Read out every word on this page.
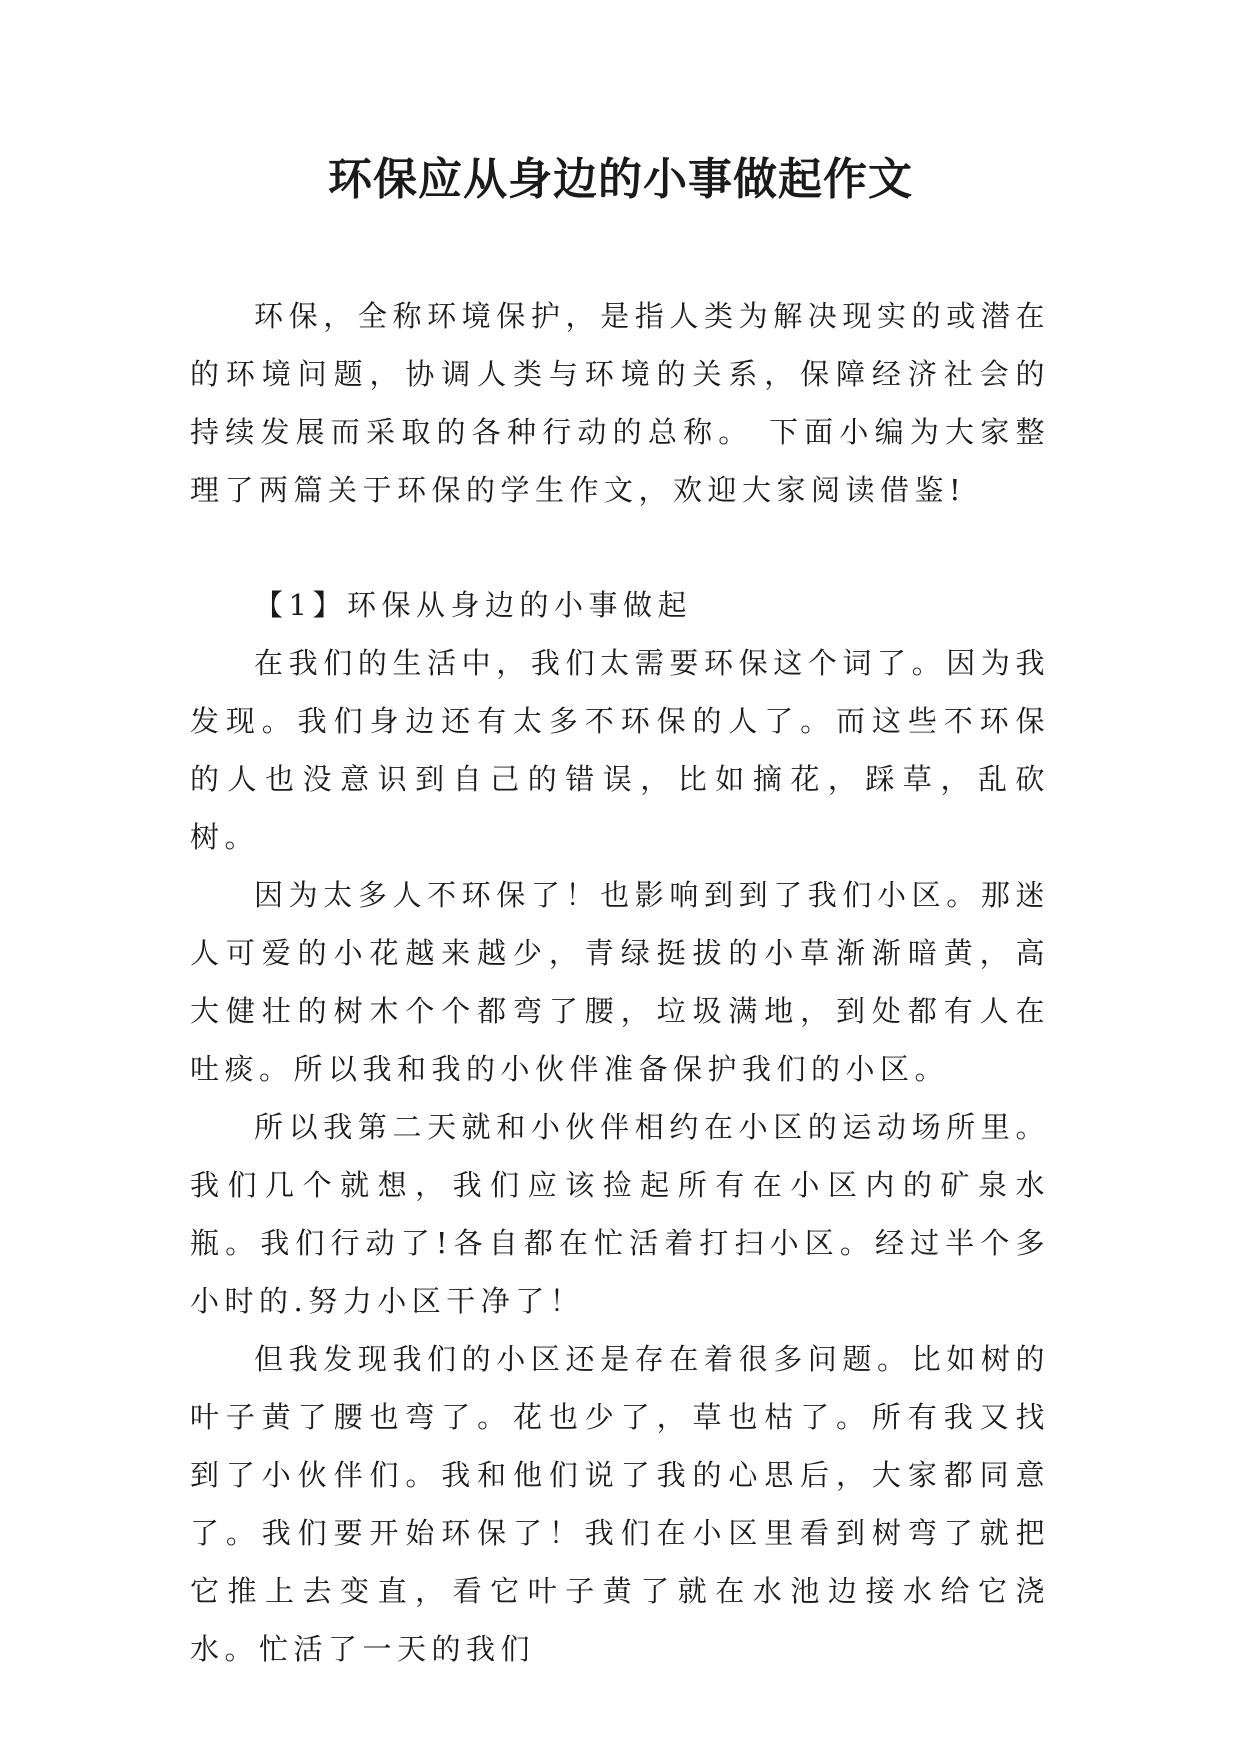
环保应从身边的小事做起作文

环保，全称环境保护，是指人类为解决现实的或潜在的环境问题，协调人类与环境的关系，保障经济社会的持续发展而采取的各种行动的总称。 下面小编为大家整理了两篇关于环保的学生作文，欢迎大家阅读借鉴!

【1】环保从身边的小事做起

在我们的生活中，我们太需要环保这个词了。因为我发现。我们身边还有太多不环保的人了。而这些不环保的人也没意识到自己的错误，比如摘花，踩草，乱砍树。

因为太多人不环保了！也影响到到了我们小区。那迷人可爱的小花越来越少，青绿挺拔的小草渐渐暗黄，高大健壮的树木个个都弯了腰，垃圾满地，到处都有人在吐痰。所以我和我的小伙伴准备保护我们的小区。

所以我第二天就和小伙伴相约在小区的运动场所里。我们几个就想，我们应该捡起所有在小区内的矿泉水瓶。我们行动了!各自都在忙活着打扫小区。经过半个多小时的.努力小区干净了！

但我发现我们的小区还是存在着很多问题。比如树的叶子黄了腰也弯了。花也少了，草也枯了。所有我又找到了小伙伴们。我和他们说了我的心思后，大家都同意了。我们要开始环保了！我们在小区里看到树弯了就把它推上去变直，看它叶子黄了就在水池边接水给它浇水。忙活了一天的我们
